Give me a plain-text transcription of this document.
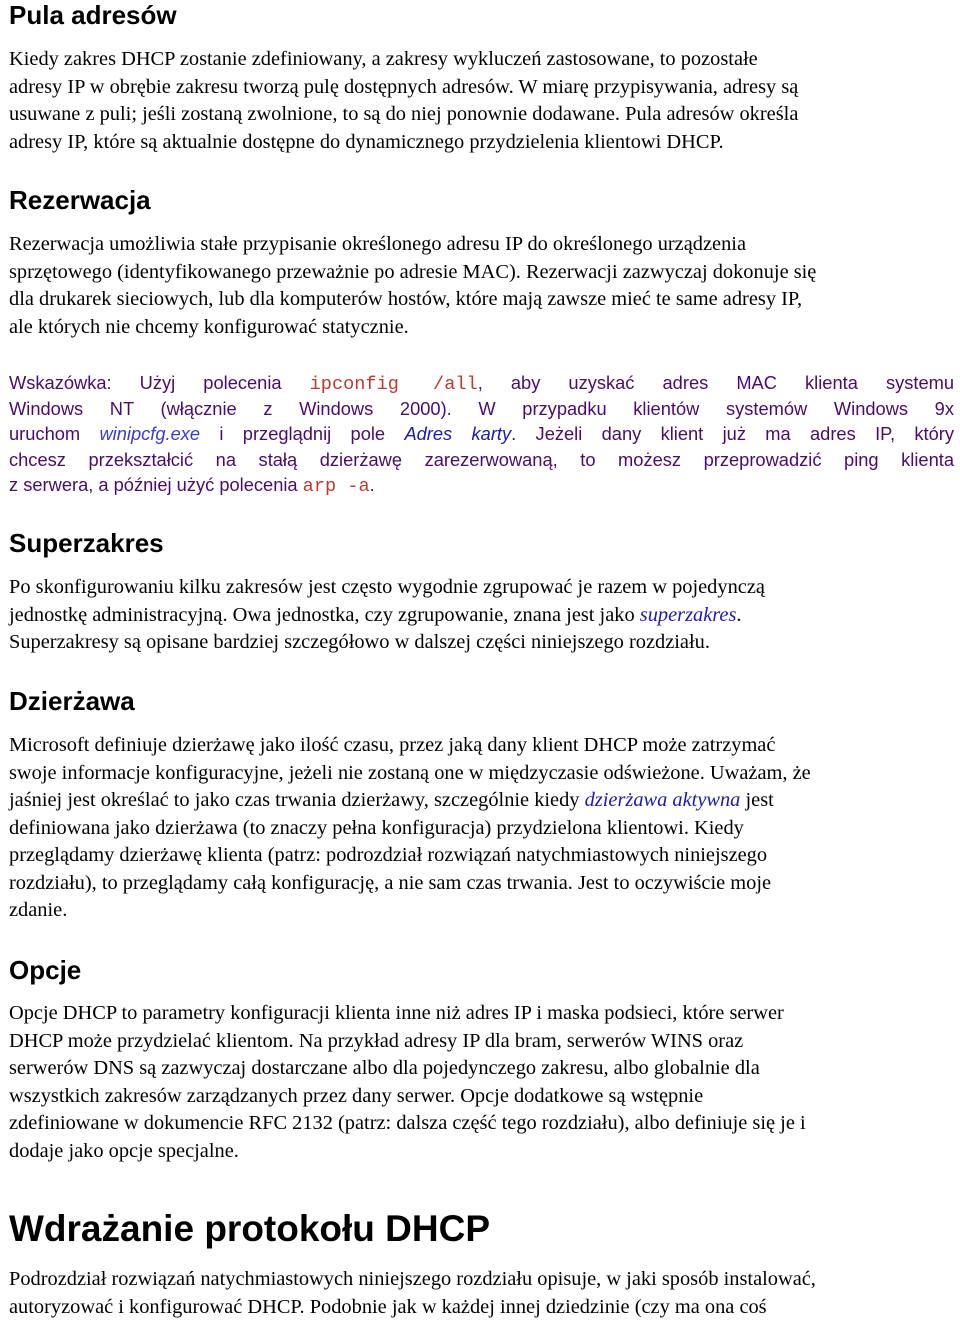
Pula adresów
Kiedy zakres DHCP zostanie zdefiniowany, a zakresy wykluczeń zastosowane, to pozostałe
adresy IP w obrębie zakresu tworzą pulę dostępnych adresów. W miarę przypisywania, adresy są
usuwane z puli; jeśli zostaną zwolnione, to są do niej ponownie dodawane. Pula adresów określa
adresy IP, które są aktualnie dostępne do dynamicznego przydzielenia klientowi DHCP.
Rezerwacja
Rezerwacja umożliwia stałe przypisanie określonego adresu IP do określonego urządzenia
sprzętowego (identyfikowanego przeważnie po adresie MAC). Rezerwacji zazwyczaj dokonuje się
dla drukarek sieciowych, lub dla komputerów hostów, które mają zawsze mieć te same adresy IP,
ale których nie chcemy konfigurować statycznie.
Wskazówka: Użyj polecenia ipconfig /all, aby uzyskać adres MAC klienta systemu
Windows NT (włącznie z Windows 2000). W przypadku klientów systemów Windows 9x
uruchom winipcfg.exe i przeglądnij pole Adres karty. Jeżeli dany klient już ma adres IP, który
chcesz przekształcić na stałą dzierżawę zarezerwowaną, to możesz przeprowadzić ping klienta
z serwera, a później użyć polecenia arp -a.
Superzakres
Po skonfigurowaniu kilku zakresów jest często wygodnie zgrupować je razem w pojedynczą
jednostkę administracyjną. Owa jednostka, czy zgrupowanie, znana jest jako superzakres.
Superzakresy są opisane bardziej szczegółowo w dalszej części niniejszego rozdziału.
Dzierżawa
Microsoft definiuje dzierżawę jako ilość czasu, przez jaką dany klient DHCP może zatrzymać
swoje informacje konfiguracyjne, jeżeli nie zostaną one w międzyczasie odświeżone. Uważam, że
jaśniej jest określać to jako czas trwania dzierżawy, szczególnie kiedy dzierżawa aktywna jest
definiowana jako dzierżawa (to znaczy pełna konfiguracja) przydzielona klientowi. Kiedy
przeglądamy dzierżawę klienta (patrz: podrozdział rozwiązań natychmiastowych niniejszego
rozdziału), to przeglądamy całą konfigurację, a nie sam czas trwania. Jest to oczywiście moje
zdanie.
Opcje
Opcje DHCP to parametry konfiguracji klienta inne niż adres IP i maska podsieci, które serwer
DHCP może przydzielać klientom. Na przykład adresy IP dla bram, serwerów WINS oraz
serwerów DNS są zazwyczaj dostarczane albo dla pojedynczego zakresu, albo globalnie dla
wszystkich zakresów zarządzanych przez dany serwer. Opcje dodatkowe są wstępnie
zdefiniowane w dokumencie RFC 2132 (patrz: dalsza część tego rozdziału), albo definiuje się je i
dodaje jako opcje specjalne.
Wdrażanie protokołu DHCP
Podrozdział rozwiązań natychmiastowych niniejszego rozdziału opisuje, w jaki sposób instalować,
autoryzować i konfigurować DHCP. Podobnie jak w każdej innej dziedzinie (czy ma ona coś
